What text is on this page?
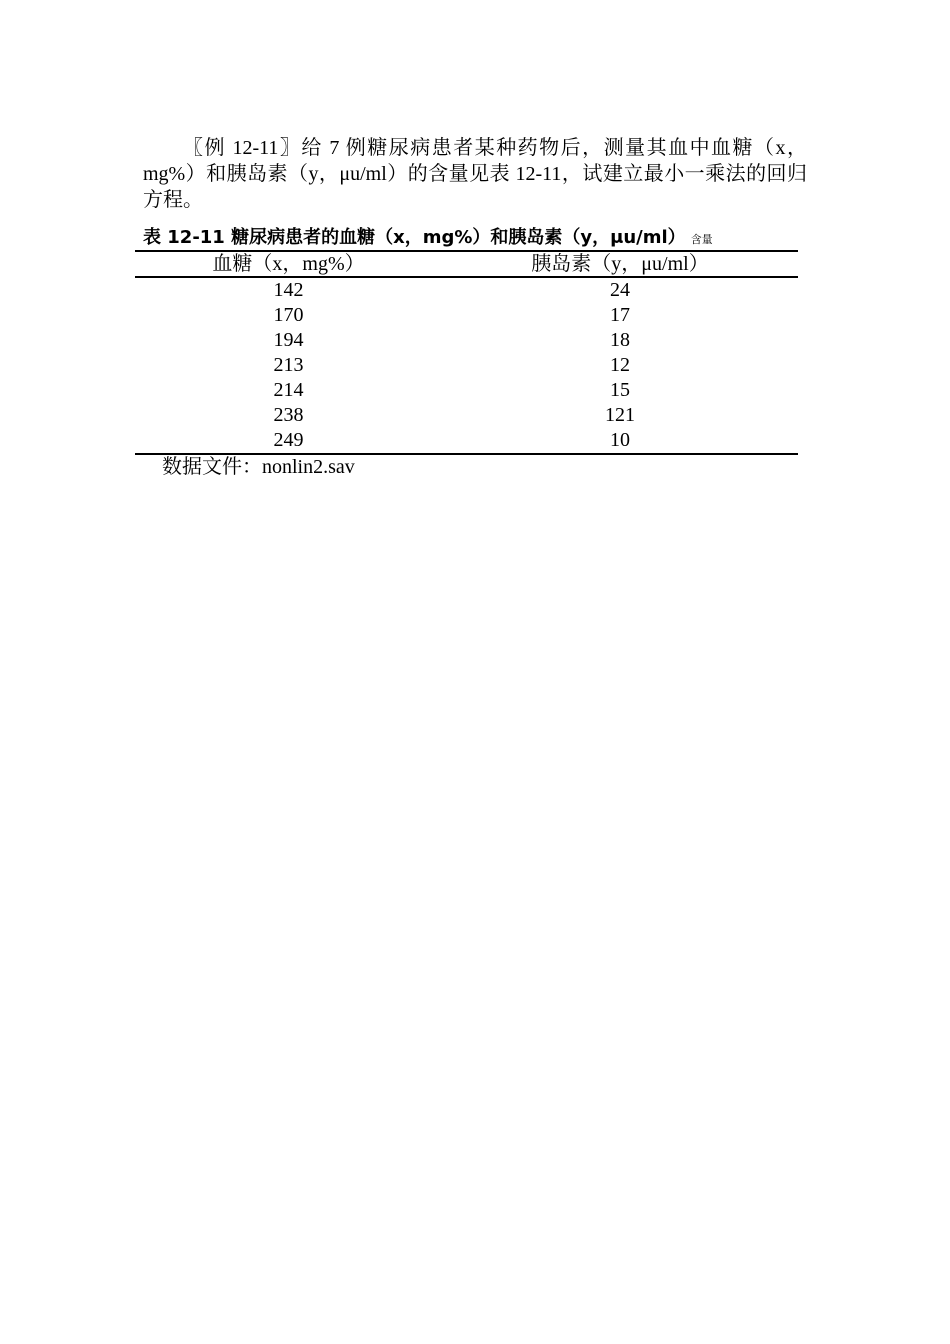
〖例 12-11〗给 7 例糖尿病患者某种药物后，测量其血中血糖（x，mg%）和胰岛素（y，μu/ml）的含量见表 12-11，试建立最小一乘法的回归方程。

表 12-11 糖尿病患者的血糖（x，mg%）和胰岛素（y，μu/ml） 含量
血糖（x，mg%）	胰岛素（y，μu/ml）
142	24
170	17
194	18
213	12
214	15
238	121
249	10
数据文件：nonlin2.sav
